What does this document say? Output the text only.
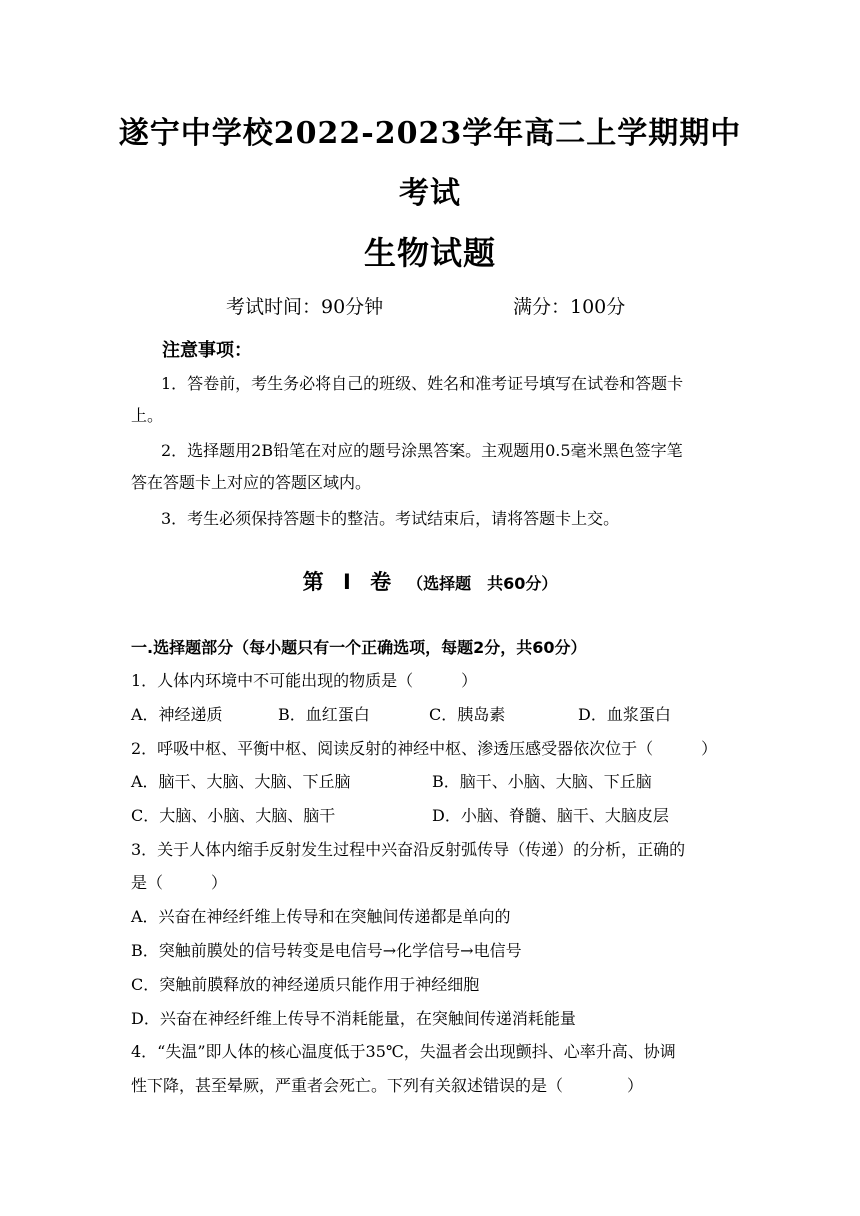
遂宁中学校2022-2023学年高二上学期期中
考试
生物试题
考试时间：90分钟	满分：100分
注意事项：
1．答卷前，考生务必将自己的班级、姓名和准考证号填写在试卷和答题卡
上。
2．选择题用2B铅笔在对应的题号涂黑答案。主观题用0.5毫米黑色签字笔
答在答题卡上对应的答题区域内。
3．考生必须保持答题卡的整洁。考试结束后，请将答题卡上交。
第 I 卷 （选择题　共60分）
一.选择题部分（每小题只有一个正确选项，每题2分，共60分）
1．人体内环境中不可能出现的物质是（　　　）
A．神经递质	B．血红蛋白	C．胰岛素	D．血浆蛋白
2．呼吸中枢、平衡中枢、阅读反射的神经中枢、渗透压感受器依次位于（　　　）
A．脑干、大脑、大脑、下丘脑	B．脑干、小脑、大脑、下丘脑
C．大脑、小脑、大脑、脑干	D．小脑、脊髓、脑干、大脑皮层
3．关于人体内缩手反射发生过程中兴奋沿反射弧传导（传递）的分析，正确的
是（　　　）
A．兴奋在神经纤维上传导和在突触间传递都是单向的
B．突触前膜处的信号转变是电信号→化学信号→电信号
C．突触前膜释放的神经递质只能作用于神经细胞
D．兴奋在神经纤维上传导不消耗能量，在突触间传递消耗能量
4．“失温”即人体的核心温度低于35℃，失温者会出现颤抖、心率升高、协调
性下降，甚至晕厥，严重者会死亡。下列有关叙述错误的是（　　　　）
